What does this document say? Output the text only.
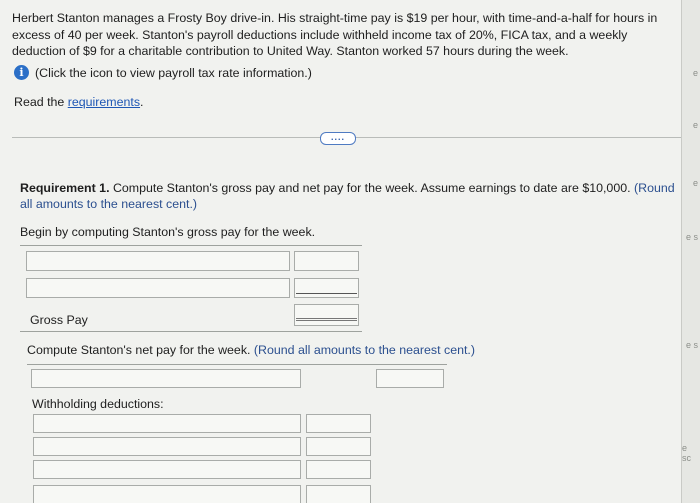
Herbert Stanton manages a Frosty Boy drive-in. His straight-time pay is $19 per hour, with time-and-a-half for hours in excess of 40 per week. Stanton's payroll deductions include withheld income tax of 20%, FICA tax, and a weekly deduction of $9 for a charitable contribution to United Way. Stanton worked 57 hours during the week.
i (Click the icon to view payroll tax rate information.)
Read the requirements.
....
Requirement 1. Compute Stanton's gross pay and net pay for the week. Assume earnings to date are $10,000. (Round all amounts to the nearest cent.)
Begin by computing Stanton's gross pay for the week.
Gross Pay
Compute Stanton's net pay for the week. (Round all amounts to the nearest cent.)
Withholding deductions:
e
e
e
e s
e s
e sc
